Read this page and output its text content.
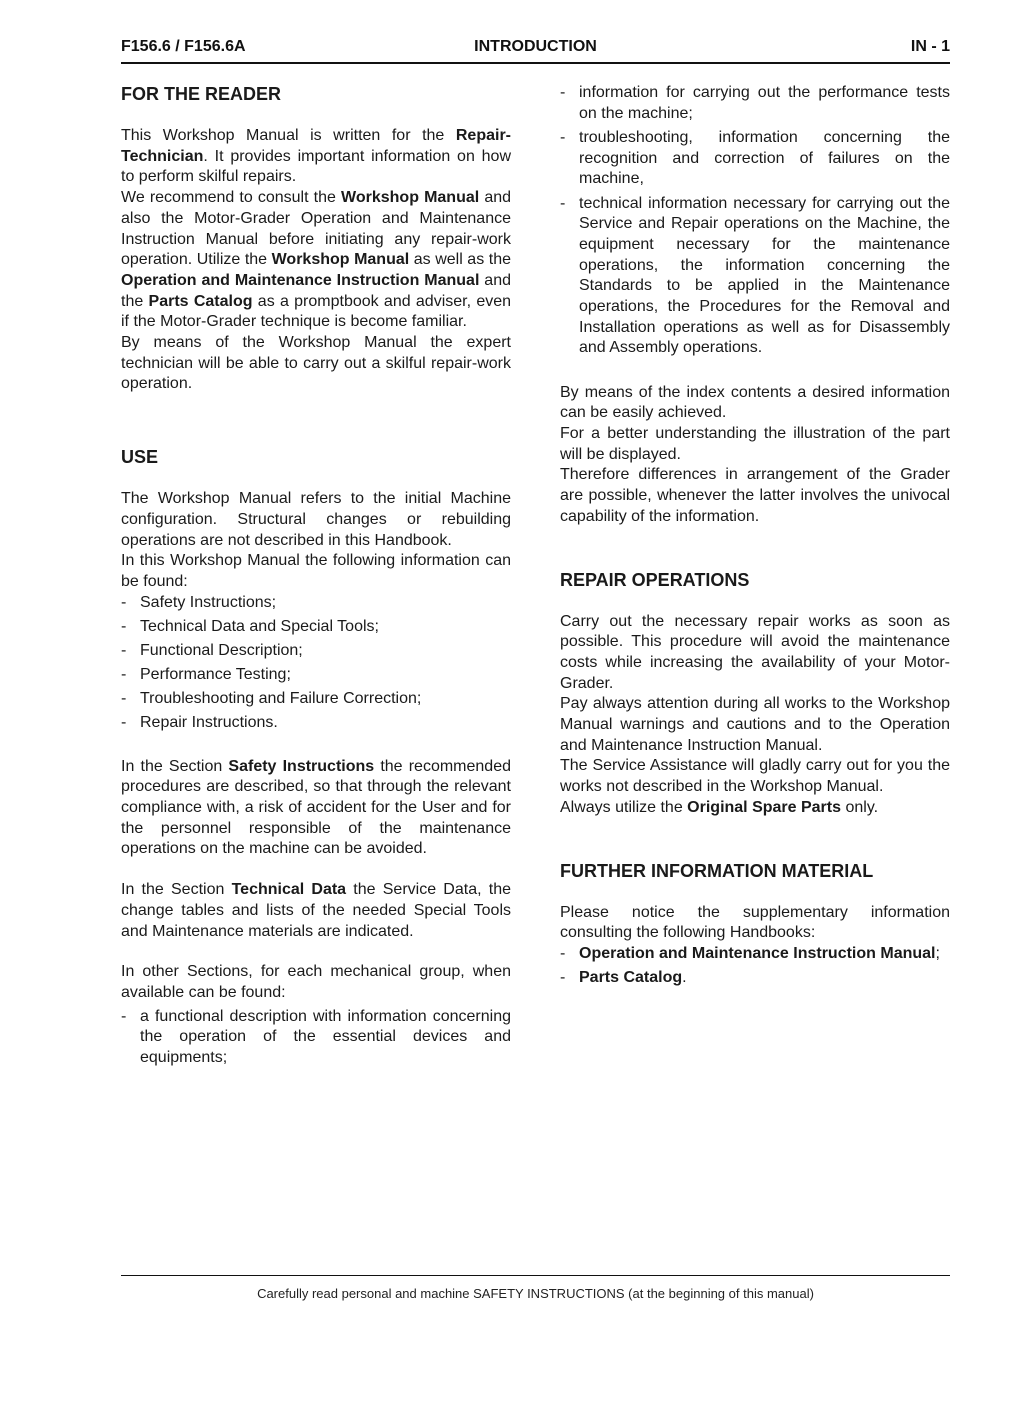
F156.6 / F156.6A	INTRODUCTION	IN - 1
FOR THE READER

This Workshop Manual is written for the Repair-Technician. It provides important information on how to perform skilful repairs.

We recommend to consult the Workshop Manual and also the Motor-Grader Operation and Maintenance Instruction Manual before initiating any repair-work operation. Utilize the Workshop Manual as well as the Operation and Maintenance Instruction Manual and the Parts Catalog as a promptbook and adviser, even if the Motor-Grader technique is become familiar.

By means of the Workshop Manual the expert technician will be able to carry out a skilful repair-work operation.

USE

The Workshop Manual refers to the initial Machine configuration. Structural changes or rebuilding operations are not described in this Handbook.

In this Workshop Manual the following information can be found:

- Safety Instructions;
- Technical Data and Special Tools;
- Functional Description;
- Performance Testing;
- Troubleshooting and Failure Correction;
- Repair Instructions.

In the Section Safety Instructions the recommended procedures are described, so that through the relevant compliance with, a risk of accident for the User and for the personnel responsible of the maintenance operations on the machine can be avoided.

In the Section Technical Data the Service Data, the change tables and lists of the needed Special Tools and Maintenance materials are indicated.

In other Sections, for each mechanical group, when available can be found:

- a functional description with information concerning the operation of the essential devices and equipments;
- information for carrying out the performance tests on the machine;
- troubleshooting, information concerning the recognition and correction of failures on the machine,
- technical information necessary for carrying out the Service and Repair operations on the Machine, the equipment necessary for the maintenance operations, the information concerning the Standards to be applied in the Maintenance operations, the Procedures for the Removal and Installation operations as well as for Disassembly and Assembly operations.

By means of the index contents a desired information can be easily achieved.

For a better understanding the illustration of the part will be displayed.

Therefore differences in arrangement of the Grader are possible, whenever the latter involves the univocal capability of the information.

REPAIR OPERATIONS

Carry out the necessary repair works as soon as possible. This procedure will avoid the maintenance costs while increasing the availability of your Motor-Grader.

Pay always attention during all works to the Workshop Manual warnings and cautions and to the Operation and Maintenance Instruction Manual.

The Service Assistance will gladly carry out for you the works not described in the Workshop Manual.

Always utilize the Original Spare Parts only.

FURTHER INFORMATION MATERIAL

Please notice the supplementary information consulting the following Handbooks:

- Operation and Maintenance Instruction Manual;
- Parts Catalog.
Carefully read personal and machine SAFETY INSTRUCTIONS (at the beginning of this manual)
